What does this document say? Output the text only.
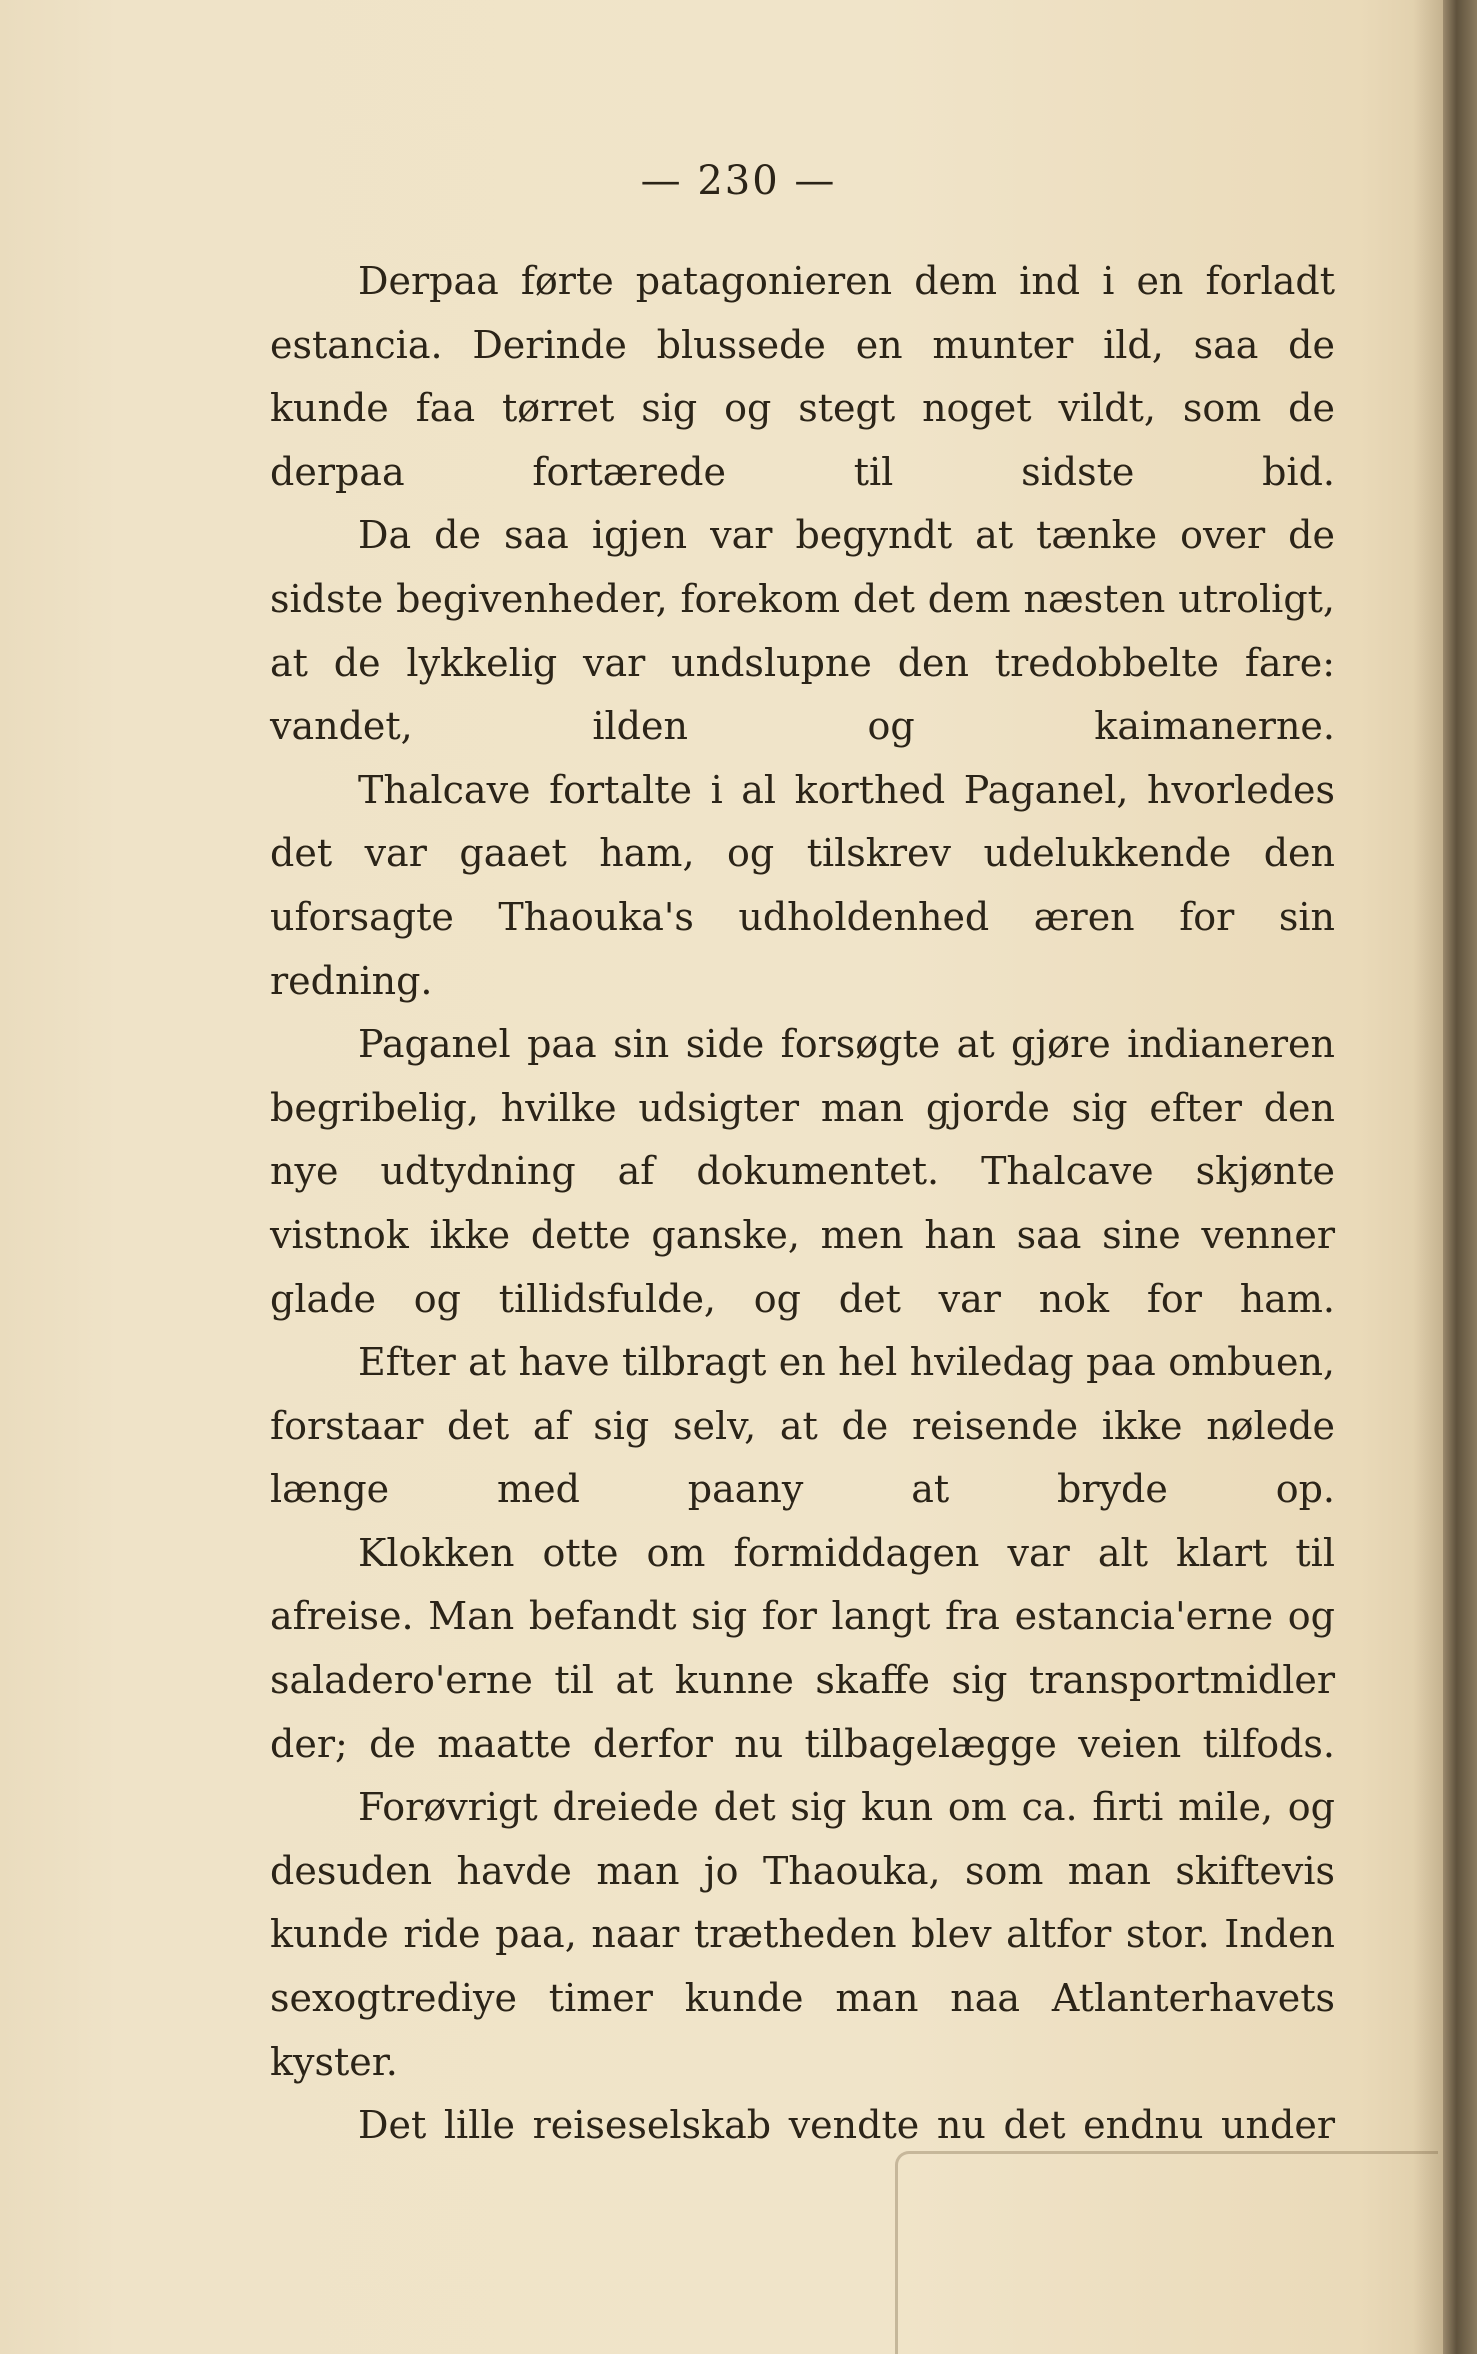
— 230 —

Derpaa førte patagonieren dem ind i en forladt estancia. Derinde blussede en munter ild, saa de kunde faa tørret sig og stegt noget vildt, som de derpaa fortærede til sidste bid.

Da de saa igjen var begyndt at tænke over de sidste begivenheder, forekom det dem næsten utroligt, at de lykkelig var undslupne den tredobbelte fare: vandet, ilden og kaimanerne.

Thalcave fortalte i al korthed Paganel, hvorledes det var gaaet ham, og tilskrev udelukkende den uforsagte Thaouka's udholdenhed æren for sin redning.

Paganel paa sin side forsøgte at gjøre indianeren begribelig, hvilke udsigter man gjorde sig efter den nye udtydning af dokumentet. Thalcave skjønte vistnok ikke dette ganske, men han saa sine venner glade og tillidsfulde, og det var nok for ham.

Efter at have tilbragt en hel hviledag paa ombuen, forstaar det af sig selv, at de reisende ikke nølede længe med paany at bryde op.

Klokken otte om formiddagen var alt klart til afreise. Man befandt sig for langt fra estancia'erne og saladero'erne til at kunne skaffe sig transportmidler der; de maatte derfor nu tilbagelægge veien tilfods.

Forøvrigt dreiede det sig kun om ca. firti mile, og desuden havde man jo Thaouka, som man skiftevis kunde ride paa, naar trætheden blev altfor stor. Inden sexogtrediye timer kunde man naa Atlanterhavets kyster.

Det lille reiseselskab vendte nu det endnu under
